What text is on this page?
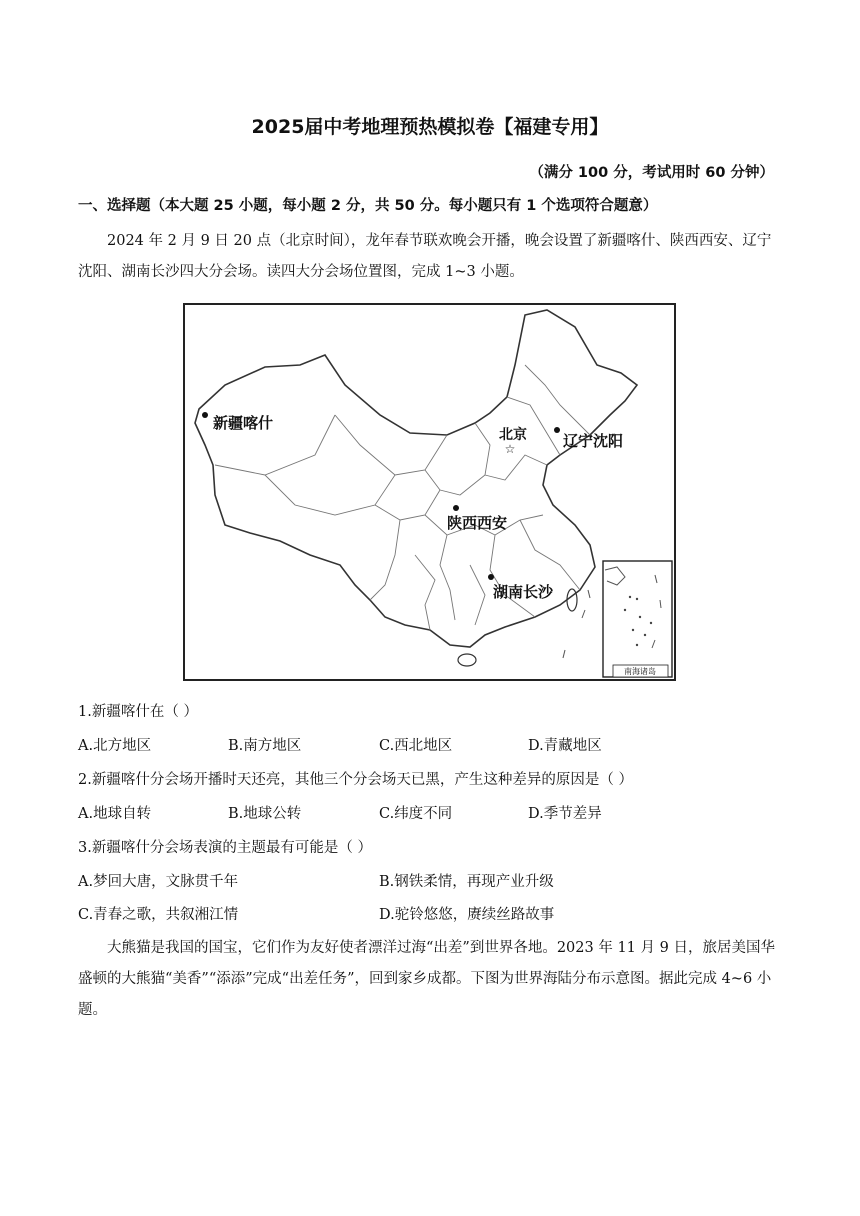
2025届中考地理预热模拟卷【福建专用】
（满分 100 分，考试用时 60 分钟）
一、选择题（本大题 25 小题，每小题 2 分，共 50 分。每小题只有 1 个选项符合题意）
2024 年 2 月 9 日 20 点（北京时间），龙年春节联欢晚会开播，晚会设置了新疆喀什、陕西西安、辽宁沈阳、湖南长沙四大分会场。读四大分会场位置图，完成 1~3 小题。
南海诸岛
新疆喀什
☆
北京 辽宁沈阳
陕西西安
湖南长沙
1.新疆喀什在（ ）
A.北方地区	B.南方地区	C.西北地区	D.青藏地区
2.新疆喀什分会场开播时天还亮，其他三个分会场天已黑，产生这种差异的原因是（ ）
A.地球自转	B.地球公转	C.纬度不同	D.季节差异
3.新疆喀什分会场表演的主题最有可能是（ ）
A.梦回大唐，文脉贯千年	B.钢铁柔情，再现产业升级
C.青春之歌，共叙湘江情	D.驼铃悠悠，赓续丝路故事
大熊猫是我国的国宝，它们作为友好使者漂洋过海“出差”到世界各地。2023 年 11 月 9 日，旅居美国华盛顿的大熊猫“美香”“添添”完成“出差任务”，回到家乡成都。下图为世界海陆分布示意图。据此完成 4~6 小题。
